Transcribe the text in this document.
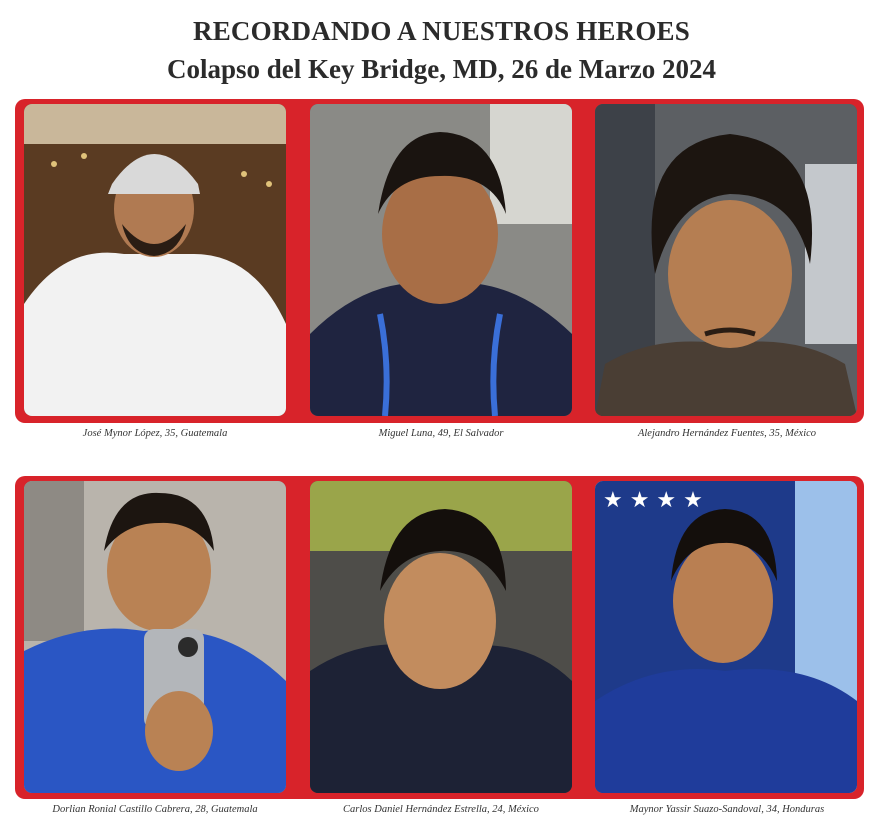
RECORDANDO A NUESTROS HEROES
Colapso del Key Bridge, MD, 26 de Marzo 2024
José Mynor López, 35, Guatemala	Miguel Luna, 49, El Salvador	Alejandro Hernández Fuentes, 35, México
★ ★ ★ ★
Dorlian Ronial Castillo Cabrera, 28, Guatemala	Carlos Daniel Hernández Estrella, 24, México	Maynor Yassir Suazo-Sandoval, 34, Honduras
